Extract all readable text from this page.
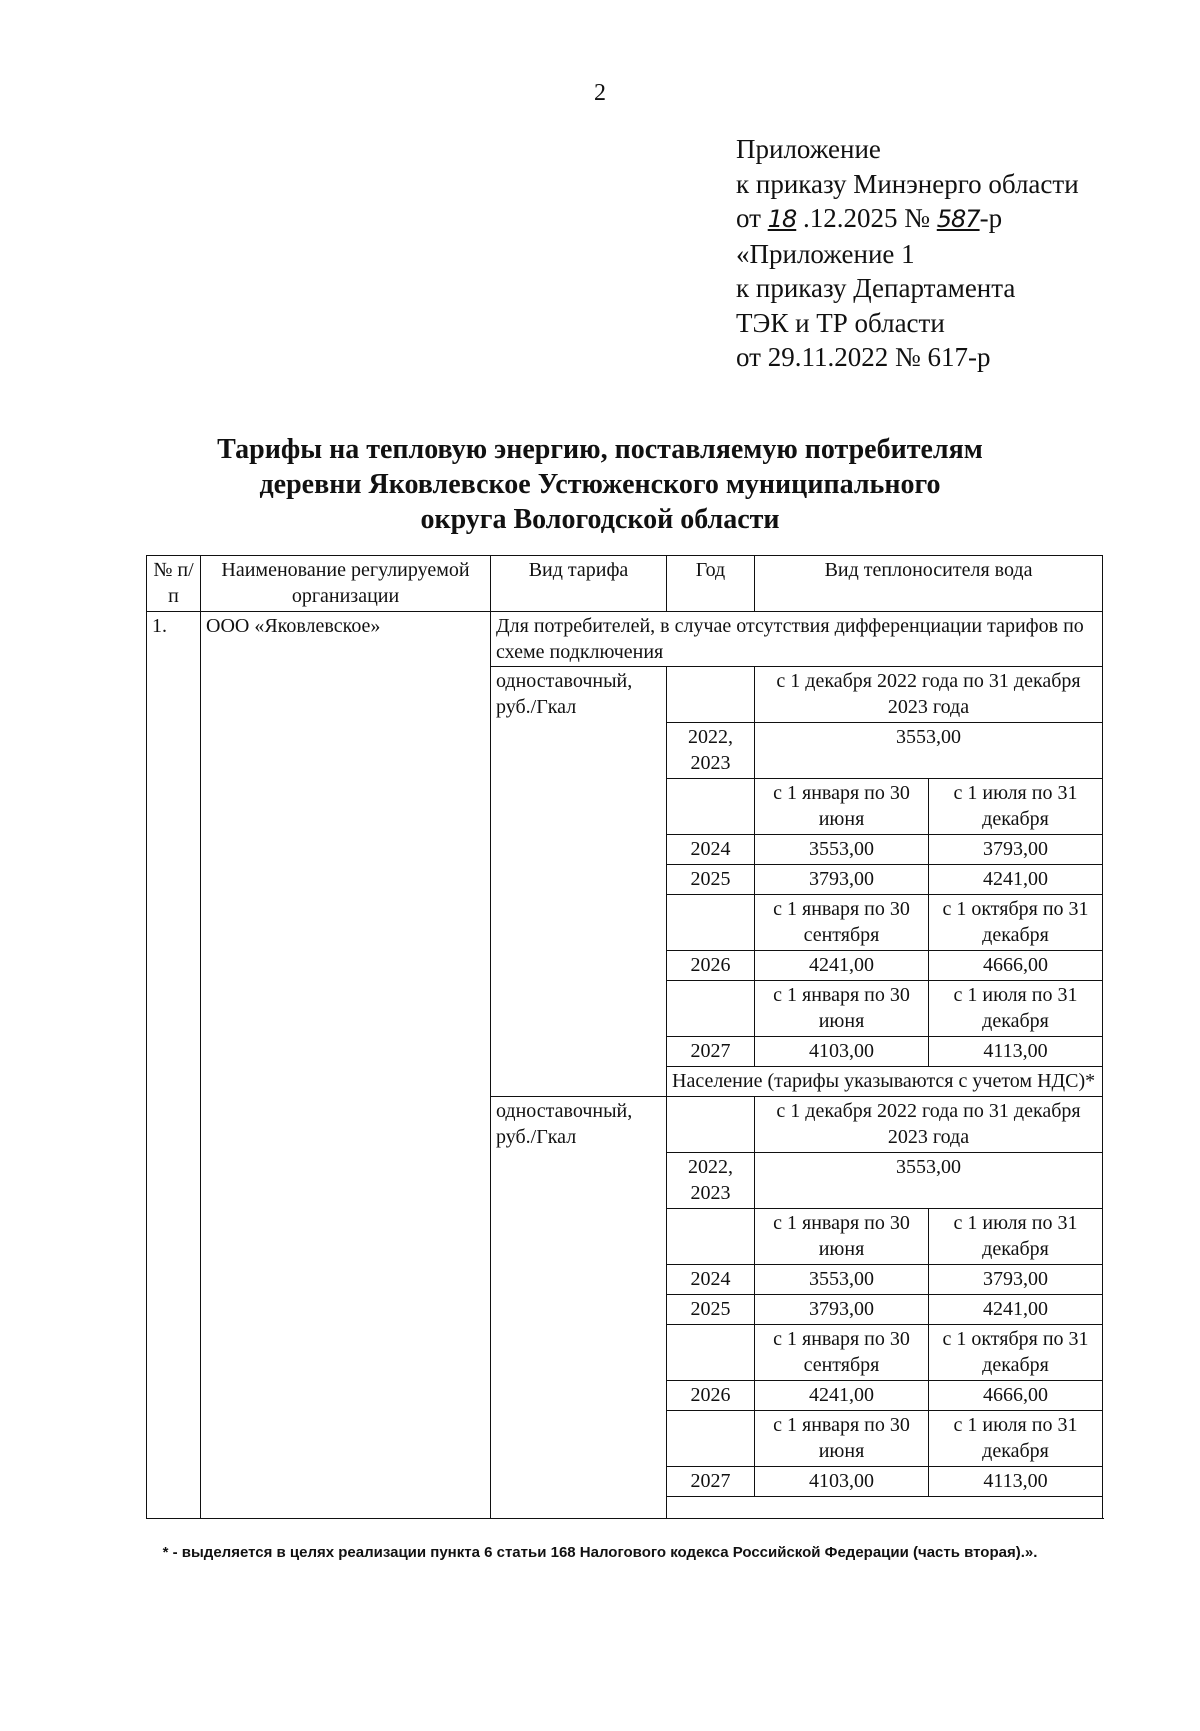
2
Приложение
к приказу Минэнерго области
от 18 .12.2025 № 587-р
«Приложение 1
к приказу Департамента
ТЭК и ТР области
от 29.11.2022 № 617-р
Тарифы на тепловую энергию, поставляемую потребителям
деревни Яковлевское Устюженского муниципального
округа Вологодской области
№ п/п	Наименование регулируемой организации	Вид тарифа	Год	Вид теплоносителя вода	
1.	ООО «Яковлевское»	Для потребителей, в случае отсутствия дифференциации тарифов по схеме подключения			
		одноставочный, руб./Гкал		с 1 декабря 2022 года по 31 декабря 2023 года	
			2022, 2023	3553,00	
				с 1 января по 30 июня	с 1 июля по 31 декабря
			2024	3553,00	3793,00
			2025	3793,00	4241,00
				с 1 января по 30 сентября	с 1 октября по 31 декабря
			2026	4241,00	4666,00
				с 1 января по 30 июня	с 1 июля по 31 декабря
			2027	4103,00	4113,00
			Население (тарифы указываются с учетом НДС)*		
		одноставочный, руб./Гкал		с 1 декабря 2022 года по 31 декабря 2023 года	
			2022, 2023	3553,00	
				с 1 января по 30 июня	с 1 июля по 31 декабря
			2024	3553,00	3793,00
			2025	3793,00	4241,00
				с 1 января по 30 сентября	с 1 октября по 31 декабря
			2026	4241,00	4666,00
				с 1 января по 30 июня	с 1 июля по 31 декабря
			2027	4103,00	4113,00

* - выделяется в целях реализации пункта 6 статьи 168 Налогового кодекса Российской Федерации (часть вторая).».
